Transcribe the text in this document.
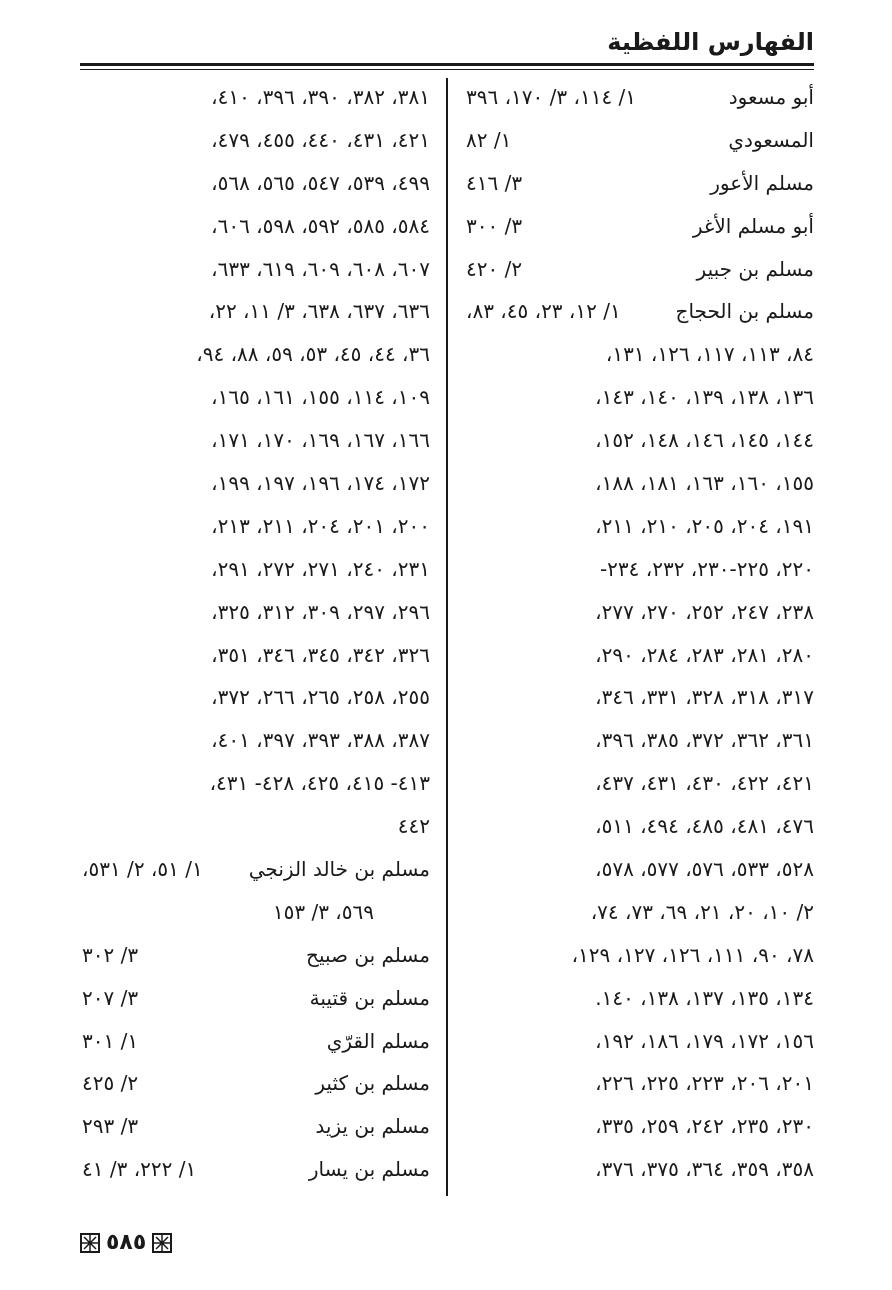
الفهارس اللفظية
أبو مسعود
١/ ١١٤، ٣/ ١٧٠، ٣٩٦
المسعودي
١/ ٨٢
مسلم الأعور
٣/ ٤١٦
أبو مسلم الأغر
٣/ ٣٠٠
مسلم بن جبير
٢/ ٤٢٠
مسلم بن الحجاج
١/ ١٢، ٢٣، ٤٥، ٨٣،
٨٤، ١١٣، ١١٧، ١٢٦، ١٣١،
١٣٦، ١٣٨، ١٣٩، ١٤٠، ١٤٣،
١٤٤، ١٤٥، ١٤٦، ١٤٨، ١٥٢،
١٥٥، ١٦٠، ١٦٣، ١٨١، ١٨٨،
١٩١، ٢٠٤، ٢٠٥، ٢١٠، ٢١١،
٢٢٠، ٢٢٥-٢٣٠، ٢٣٢، ٢٣٤-
٢٣٨، ٢٤٧، ٢٥٢، ٢٧٠، ٢٧٧،
٢٨٠، ٢٨١، ٢٨٣، ٢٨٤، ٢٩٠،
٣١٧، ٣١٨، ٣٢٨، ٣٣١، ٣٤٦،
٣٦١، ٣٦٢، ٣٧٢، ٣٨٥، ٣٩٦،
٤٢١، ٤٢٢، ٤٣٠، ٤٣١، ٤٣٧،
٤٧٦، ٤٨١، ٤٨٥، ٤٩٤، ٥١١،
٥٢٨، ٥٣٣، ٥٧٦، ٥٧٧، ٥٧٨،
٢/ ١٠، ٢٠، ٢١، ٦٩، ٧٣، ٧٤،
٧٨، ٩٠، ١١١، ١٢٦، ١٢٧، ١٢٩،
١٣٤، ١٣٥، ١٣٧، ١٣٨، ١٤٠.
١٥٦، ١٧٢، ١٧٩، ١٨٦، ١٩٢،
٢٠١، ٢٠٦، ٢٢٣، ٢٢٥، ٢٢٦،
٢٣٠، ٢٣٥، ٢٤٢، ٢٥٩، ٣٣٥،
٣٥٨، ٣٥٩، ٣٦٤، ٣٧٥، ٣٧٦،
٣٨١، ٣٨٢، ٣٩٠، ٣٩٦، ٤١٠،
٤٢١، ٤٣١، ٤٤٠، ٤٥٥، ٤٧٩،
٤٩٩، ٥٣٩، ٥٤٧، ٥٦٥، ٥٦٨،
٥٨٤، ٥٨٥، ٥٩٢، ٥٩٨، ٦٠٦،
٦٠٧، ٦٠٨، ٦٠٩، ٦١٩، ٦٣٣،
٦٣٦، ٦٣٧، ٦٣٨، ٣/ ١١، ٢٢،
٣٦، ٤٤، ٤٥، ٥٣، ٥٩، ٨٨، ٩٤،
١٠٩، ١١٤، ١٥٥، ١٦١، ١٦٥،
١٦٦، ١٦٧، ١٦٩، ١٧٠، ١٧١،
١٧٢، ١٧٤، ١٩٦، ١٩٧، ١٩٩،
٢٠٠، ٢٠١، ٢٠٤، ٢١١، ٢١٣،
٢٣١، ٢٤٠، ٢٧١، ٢٧٢، ٢٩١،
٢٩٦، ٢٩٧، ٣٠٩، ٣١٢، ٣٢٥،
٣٢٦، ٣٤٢، ٣٤٥، ٣٤٦، ٣٥١،
٢٥٥، ٢٥٨، ٢٦٥، ٢٦٦، ٣٧٢،
٣٨٧، ٣٨٨، ٣٩٣، ٣٩٧، ٤٠١،
٤١٣- ٤١٥، ٤٢٥، ٤٢٨- ٤٣١،
٤٤٢
مسلم بن خالد الزنجي
١/ ٥١، ٢/ ٥٣١،
٥٦٩، ٣/ ١٥٣
مسلم بن صبيح
٣/ ٣٠٢
مسلم بن قتيبة
٣/ ٢٠٧
مسلم القرّي
١/ ٣٠١
مسلم بن كثير
٢/ ٤٢٥
مسلم بن يزيد
٣/ ٢٩٣
مسلم بن يسار
١/ ٢٢٢، ٣/ ٤١
٥٨٥
